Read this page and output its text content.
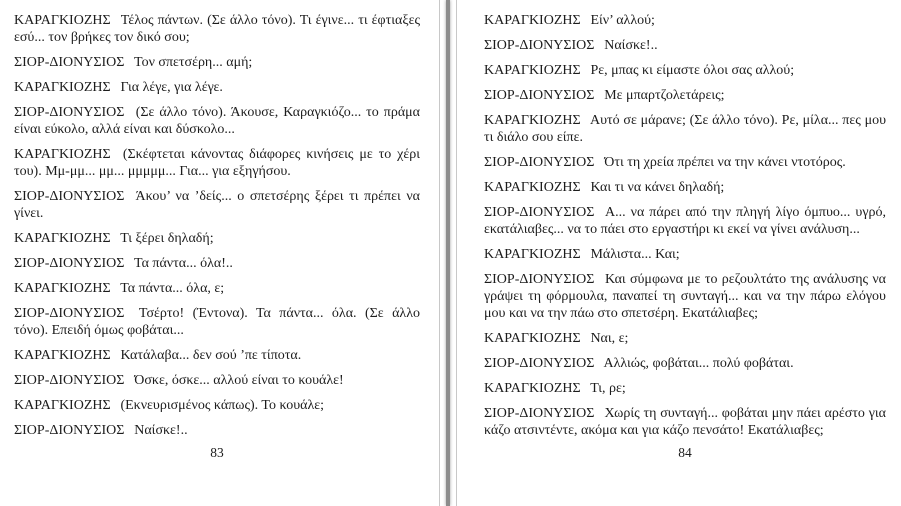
ΚΑΡΑΓΚΙΟΖΗΣ Τέλος πάντων. (Σε άλλο τόνο). Τι έγινε... τι έφτιαξες εσύ... τον βρήκες τον δικό σου;

ΣΙΟΡ-ΔΙΟΝΥΣΙΟΣ Τον σπετσέρη... αμή;

ΚΑΡΑΓΚΙΟΖΗΣ Για λέγε, για λέγε.

ΣΙΟΡ-ΔΙΟΝΥΣΙΟΣ (Σε άλλο τόνο). Άκουσε, Καραγκιόζο... το πράμα είναι εύκολο, αλλά είναι και δύσκολο...

ΚΑΡΑΓΚΙΟΖΗΣ (Σκέφτεται κάνοντας διάφορες κινήσεις με το χέρι του). Μμ-μμ... μμ... μμμμμ... Για... για εξηγήσου.

ΣΙΟΡ-ΔΙΟΝΥΣΙΟΣ Άκου’ να ’δείς... ο σπετσέρης ξέρει τι πρέπει να γίνει.

ΚΑΡΑΓΚΙΟΖΗΣ Τι ξέρει δηλαδή;

ΣΙΟΡ-ΔΙΟΝΥΣΙΟΣ Τα πάντα... όλα!..

ΚΑΡΑΓΚΙΟΖΗΣ Τα πάντα... όλα, ε;

ΣΙΟΡ-ΔΙΟΝΥΣΙΟΣ Τσέρτο! (Έντονα). Τα πάντα... όλα. (Σε άλλο τόνο). Επειδή όμως φοβάται...

ΚΑΡΑΓΚΙΟΖΗΣ Κατάλαβα... δεν σού ’πε τίποτα.

ΣΙΟΡ-ΔΙΟΝΥΣΙΟΣ Όσκε, όσκε... αλλού είναι το κουάλε!

ΚΑΡΑΓΚΙΟΖΗΣ (Εκνευρισμένος κάπως). Το κουάλε;

ΣΙΟΡ-ΔΙΟΝΥΣΙΟΣ Ναίσκε!..

83

ΚΑΡΑΓΚΙΟΖΗΣ Είν’ αλλού;

ΣΙΟΡ-ΔΙΟΝΥΣΙΟΣ Ναίσκε!..

ΚΑΡΑΓΚΙΟΖΗΣ Ρε, μπας κι είμαστε όλοι σας αλλού;

ΣΙΟΡ-ΔΙΟΝΥΣΙΟΣ Με μπαρτζολετάρεις;

ΚΑΡΑΓΚΙΟΖΗΣ Αυτό σε μάρανε; (Σε άλλο τόνο). Ρε, μίλα... πες μου τι διάλο σου είπε.

ΣΙΟΡ-ΔΙΟΝΥΣΙΟΣ Ότι τη χρεία πρέπει να την κάνει ντοτόρος.

ΚΑΡΑΓΚΙΟΖΗΣ Και τι να κάνει δηλαδή;

ΣΙΟΡ-ΔΙΟΝΥΣΙΟΣ Α... να πάρει από την πληγή λίγο όμπυο... υγρό, εκατάλιαβες... να το πάει στο εργαστήρι κι εκεί να γίνει ανάλυση...

ΚΑΡΑΓΚΙΟΖΗΣ Μάλιστα... Και;

ΣΙΟΡ-ΔΙΟΝΥΣΙΟΣ Και σύμφωνα με το ρεζουλτάτο της ανάλυσης να γράψει τη φόρμουλα, παναπεί τη συνταγή... και να την πάρω ελόγου μου και να την πάω στο σπετσέρη. Εκατάλιαβες;

ΚΑΡΑΓΚΙΟΖΗΣ Ναι, ε;

ΣΙΟΡ-ΔΙΟΝΥΣΙΟΣ Αλλιώς, φοβάται... πολύ φοβάται.

ΚΑΡΑΓΚΙΟΖΗΣ Τι, ρε;

ΣΙΟΡ-ΔΙΟΝΥΣΙΟΣ Χωρίς τη συνταγή... φοβάται μην πάει αρέστο για κάζο ατσιντέντε, ακόμα και για κάζο πενσάτο! Εκατάλιαβες;

84
